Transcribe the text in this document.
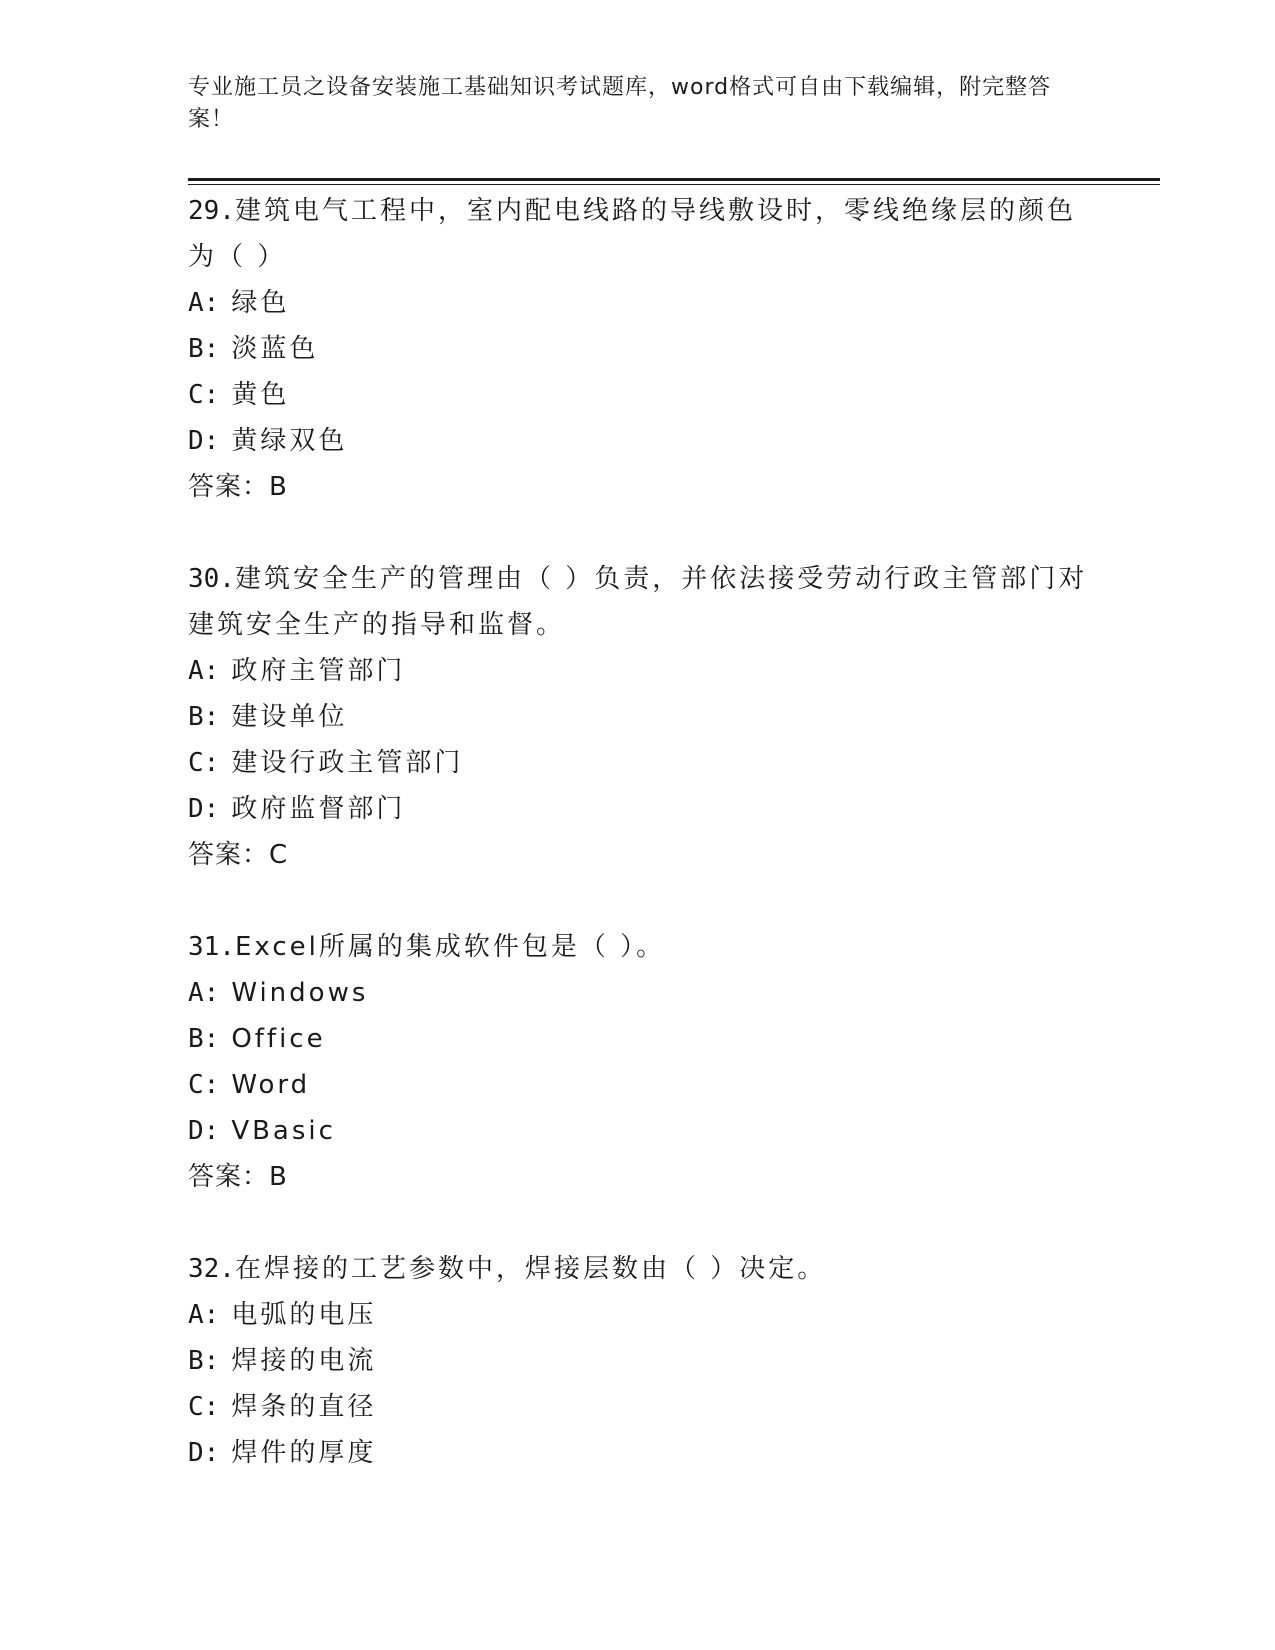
专业施工员之设备安装施工基础知识考试题库，word格式可自由下载编辑，附完整答案！
29.建筑电气工程中，室内配电线路的导线敷设时，零线绝缘层的颜色为（ ）
A: 绿色
B: 淡蓝色
C: 黄色
D: 黄绿双色
答案：B
30.建筑安全生产的管理由（ ）负责，并依法接受劳动行政主管部门对建筑安全生产的指导和监督。
A: 政府主管部门
B: 建设单位
C: 建设行政主管部门
D: 政府监督部门
答案：C
31.Excel所属的集成软件包是（ ）。
A: Windows
B: Office
C: Word
D: VBasic
答案：B
32.在焊接的工艺参数中，焊接层数由（ ）决定。
A: 电弧的电压
B: 焊接的电流
C: 焊条的直径
D: 焊件的厚度
